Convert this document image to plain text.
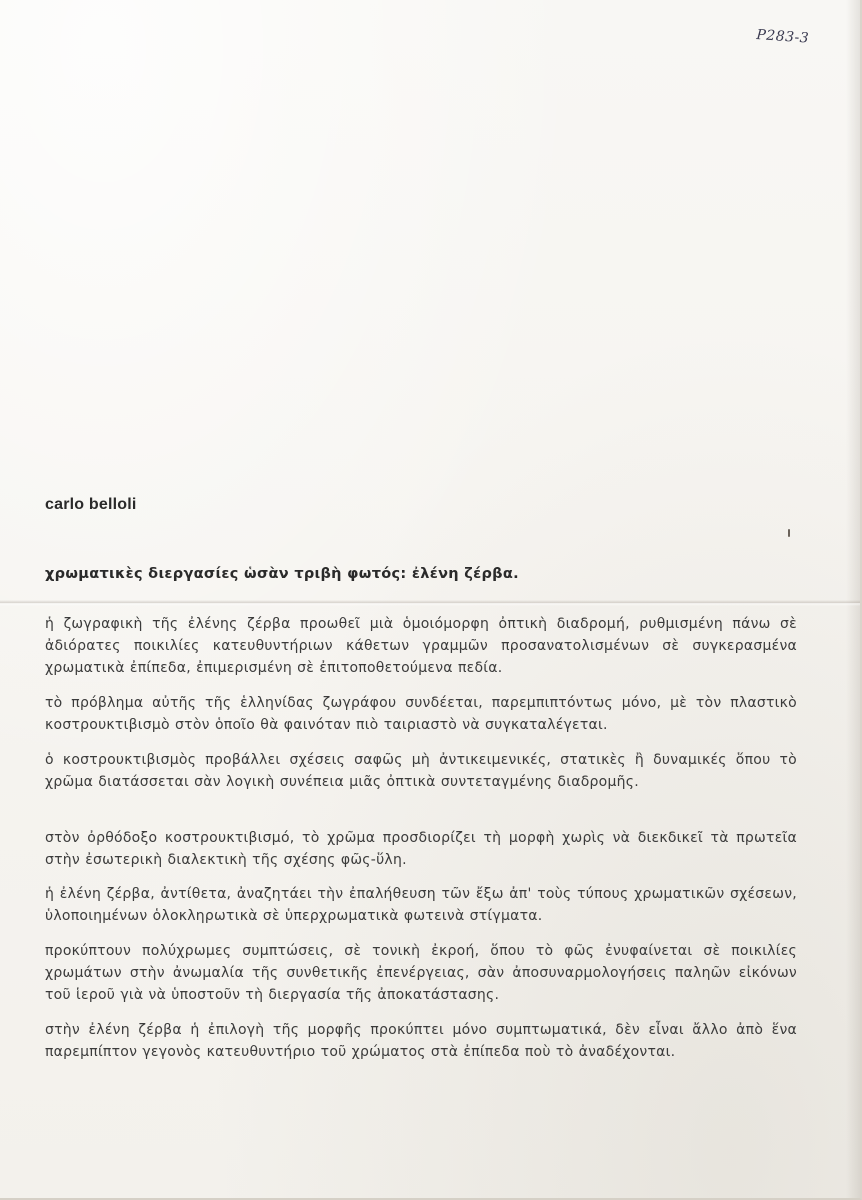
P283-3
carlo belloli
χρωματικὲς διεργασίες ὡσὰν τριβὴ φωτός: ἐλένη ζέρβα.

ἡ ζωγραφικὴ τῆς ἐλένης ζέρβα προωθεῖ μιὰ ὁμοιόμορφη ὀπτικὴ διαδρομή, ρυθμισμένη πάνω σὲ ἀδιόρατες ποικιλίες κατευθυντήριων κάθετων γραμμῶν προσανατολισμένων σὲ συγκερασμένα χρωματικὰ ἐπίπεδα, ἐπιμερισμένη σὲ ἐπιτοποθετούμενα πεδία.

τὸ πρόβλημα αὐτῆς τῆς ἑλληνίδας ζωγράφου συνδέεται, παρεμπιπτόντως μόνο, μὲ τὸν πλαστικὸ κοστρουκτιβισμὸ στὸν ὁποῖο θὰ φαινόταν πιὸ ταιριαστὸ νὰ συγκαταλέγεται.

ὁ κοστρουκτιβισμὸς προβάλλει σχέσεις σαφῶς μὴ ἀντικειμενικές, στατικὲς ἢ δυναμικές ὅπου τὸ χρῶμα διατάσσεται σὰν λογικὴ συνέπεια μιᾶς ὀπτικὰ συντεταγμένης διαδρομῆς.

στὸν ὀρθόδοξο κοστρουκτιβισμό, τὸ χρῶμα προσδιορίζει τὴ μορφὴ χωρὶς νὰ διεκδικεῖ τὰ πρωτεῖα στὴν ἐσωτερικὴ διαλεκτικὴ τῆς σχέσης φῶς-ὕλη.

ἡ ἐλένη ζέρβα, ἀντίθετα, ἀναζητάει τὴν ἐπαλήθευση τῶν ἔξω ἀπ' τοὺς τύπους χρωματικῶν σχέσεων, ὑλοποιημένων ὁλοκληρωτικὰ σὲ ὑπερχρωματικὰ φωτεινὰ στίγματα.

προκύπτουν πολύχρωμες συμπτώσεις, σὲ τονικὴ ἐκροή, ὅπου τὸ φῶς ἐνυφαίνεται σὲ ποικιλίες χρωμάτων στὴν ἀνωμαλία τῆς συνθετικῆς ἐπενέργειας, σὰν ἀποσυναρμολογήσεις παληῶν εἰκόνων τοῦ ἱεροῦ γιὰ νὰ ὑποστοῦν τὴ διεργασία τῆς ἀποκατάστασης.

στὴν ἐλένη ζέρβα ἡ ἐπιλογὴ τῆς μορφῆς προκύπτει μόνο συμπτωματικά, δὲν εἶναι ἄλλο ἀπὸ ἕνα παρεμπίπτον γεγονὸς κατευθυντήριο τοῦ χρώματος στὰ ἐπίπεδα ποὺ τὸ ἀναδέχονται.
